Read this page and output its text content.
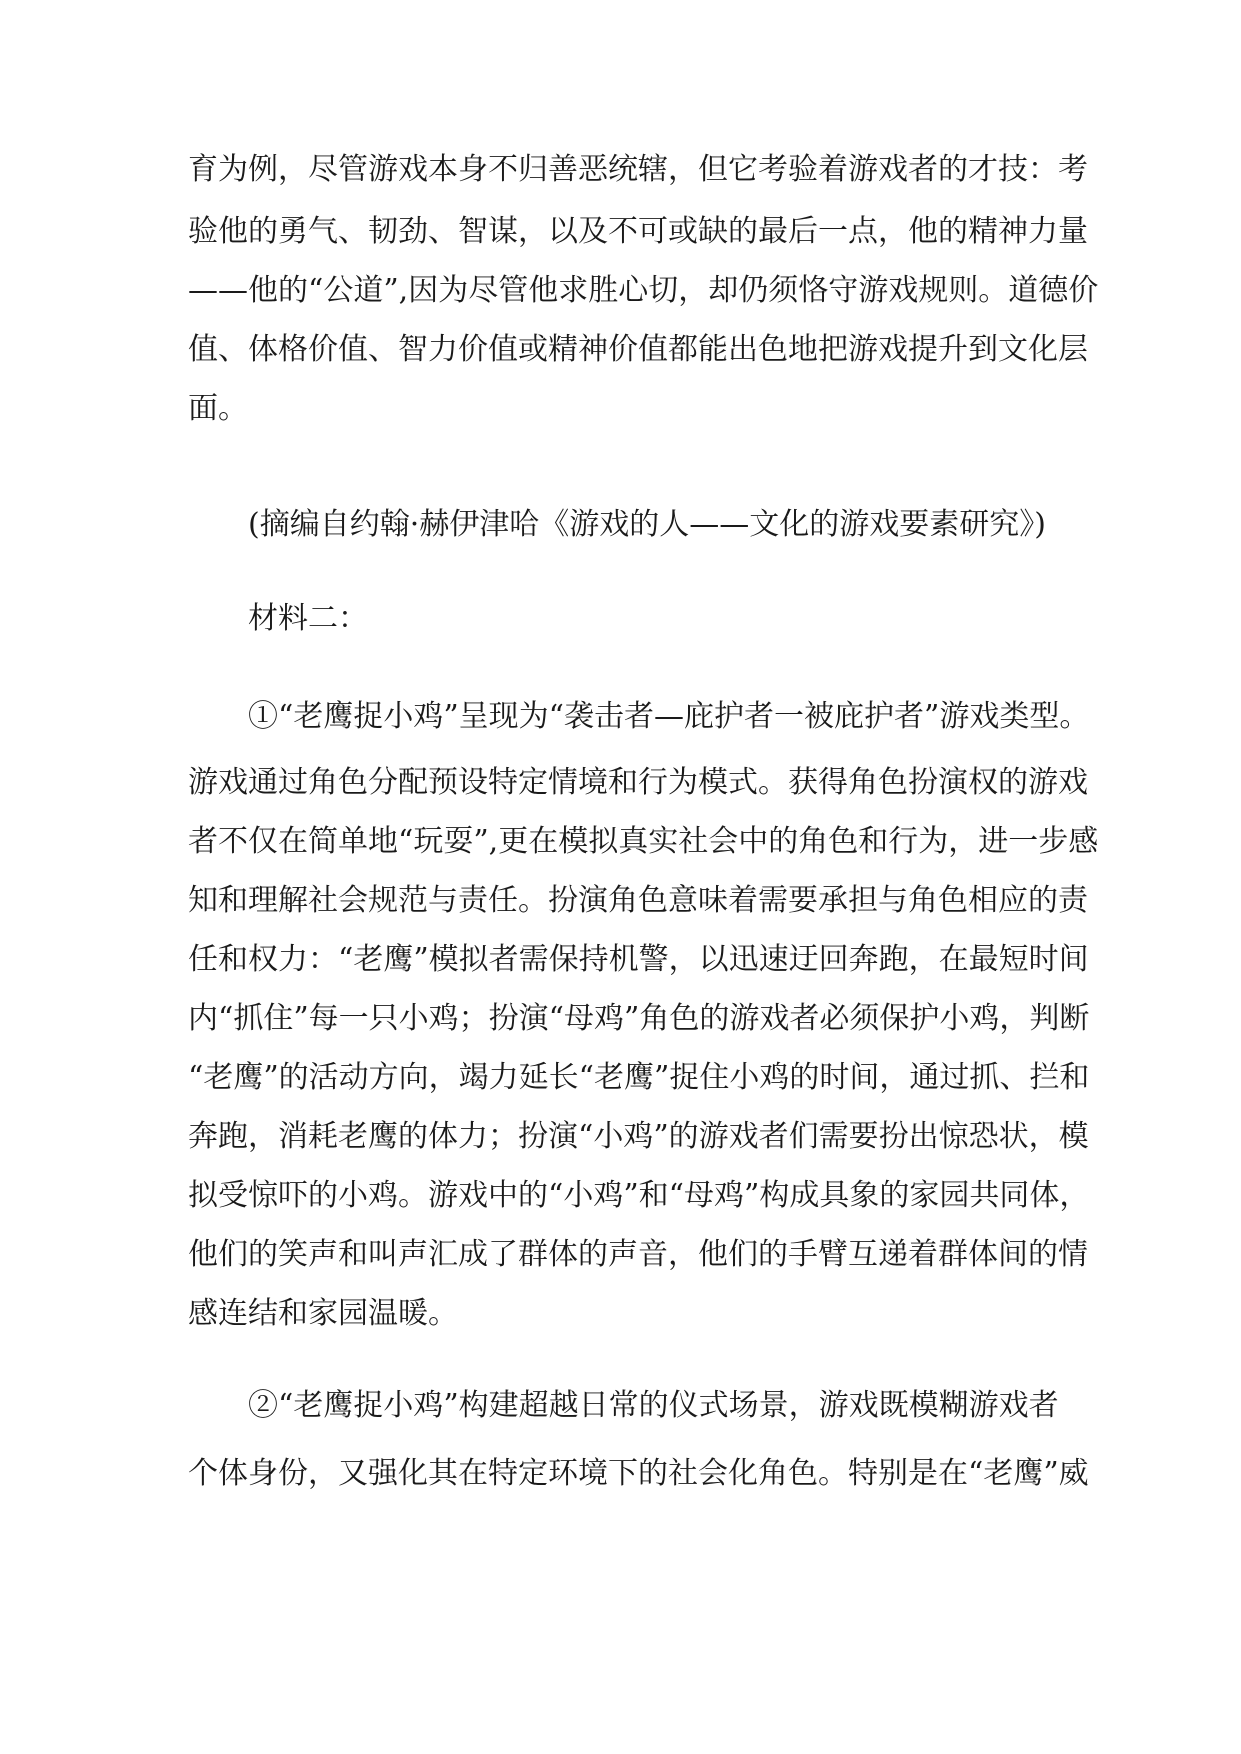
育为例，尽管游戏本身不归善恶统辖，但它考验着游戏者的才技：考
验他的勇气、韧劲、智谋，以及不可或缺的最后一点，他的精神力量
——他的“公道”,因为尽管他求胜心切，却仍须恪守游戏规则。道德价
值、体格价值、智力价值或精神价值都能出色地把游戏提升到文化层
面。
(摘编自约翰·赫伊津哈《游戏的人——文化的游戏要素研究》)
材料二：
①“老鹰捉小鸡”呈现为“袭击者—庇护者一被庇护者”游戏类型。
游戏通过角色分配预设特定情境和行为模式。获得角色扮演权的游戏
者不仅在简单地“玩耍”,更在模拟真实社会中的角色和行为，进一步感
知和理解社会规范与责任。扮演角色意味着需要承担与角色相应的责
任和权力：“老鹰”模拟者需保持机警，以迅速迂回奔跑，在最短时间
内“抓住”每一只小鸡；扮演“母鸡”角色的游戏者必须保护小鸡，判断
“老鹰”的活动方向，竭力延长“老鹰”捉住小鸡的时间，通过抓、拦和
奔跑，消耗老鹰的体力；扮演“小鸡”的游戏者们需要扮出惊恐状，模
拟受惊吓的小鸡。游戏中的“小鸡”和“母鸡”构成具象的家园共同体，
他们的笑声和叫声汇成了群体的声音，他们的手臂互递着群体间的情
感连结和家园温暖。
②“老鹰捉小鸡”构建超越日常的仪式场景，游戏既模糊游戏者
个体身份，又强化其在特定环境下的社会化角色。特别是在“老鹰”威
